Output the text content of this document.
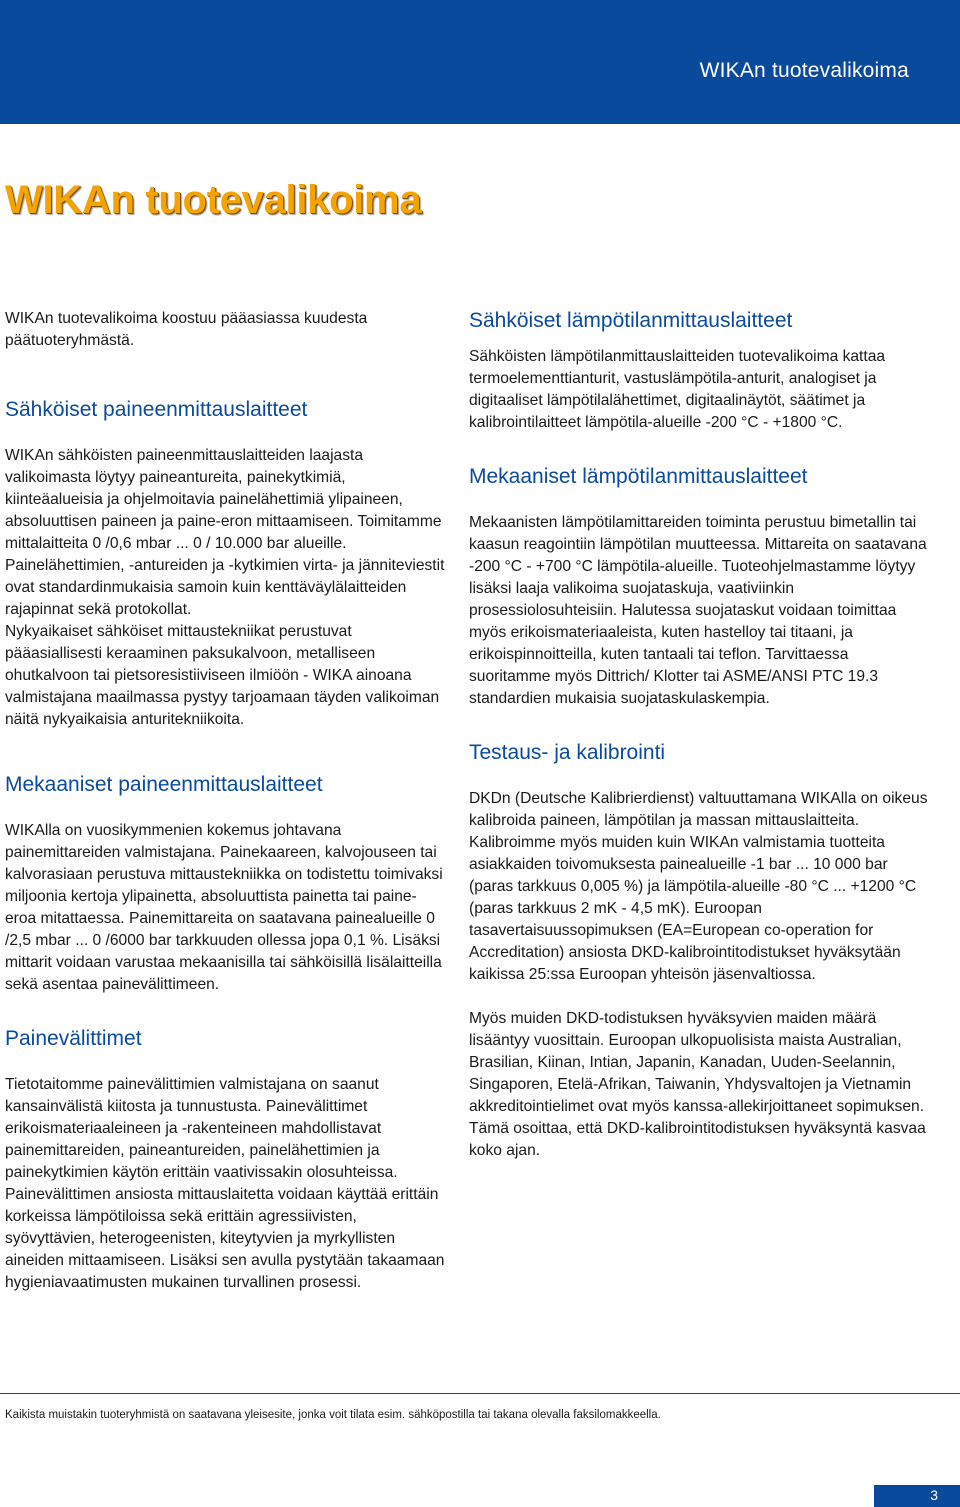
WIKAn tuotevalikoima
WIKAn tuotevalikoima

WIKAn tuotevalikoima koostuu pääasiassa kuudesta päätuoteryhmästä.

Sähköiset paineenmittauslaitteet

WIKAn sähköisten paineenmittauslaitteiden laajasta valikoimasta löytyy paineantureita, painekytkimiä, kiinteäalueisia ja ohjelmoitavia painelähettimiä ylipaineen, absoluuttisen paineen ja paine-eron mittaamiseen. Toimitamme mittalaitteita 0 /0,6 mbar ... 0 / 10.000 bar alueille. Painelähettimien, -antureiden ja -kytkimien virta- ja jänniteviestit ovat standardinmukaisia samoin kuin kenttäväylälaitteiden rajapinnat sekä protokollat.

Nykyaikaiset sähköiset mittaustekniikat perustuvat pääasiallisesti keraaminen paksukalvoon, metalliseen ohutkalvoon tai pietsoresistiiviseen ilmiöön - WIKA ainoana valmistajana maailmassa pystyy tarjoamaan täyden valikoiman näitä nykyaikaisia anturitekniikoita.

Mekaaniset paineenmittauslaitteet

WIKAlla on vuosikymmenien kokemus johtavana painemittareiden valmistajana. Painekaareen, kalvojouseen tai kalvorasiaan perustuva mittaustekniikka on todistettu toimivaksi miljoonia kertoja ylipainetta, absoluuttista painetta tai paine-eroa mitattaessa. Painemittareita on saatavana painealueille 0 /2,5 mbar ... 0 /6000 bar tarkkuuden ollessa jopa 0,1 %. Lisäksi mittarit voidaan varustaa mekaanisilla tai sähköisillä lisälaitteilla sekä asentaa painevälittimeen.

Painevälittimet

Tietotaitomme painevälittimien valmistajana on saanut kansainvälistä kiitosta ja tunnustusta. Painevälittimet erikoismateriaaleineen ja -rakenteineen mahdollistavat painemittareiden, paineantureiden, painelähettimien ja painekytkimien käytön erittäin vaativissakin olosuhteissa. Painevälittimen ansiosta mittauslaitetta voidaan käyttää erittäin korkeissa lämpötiloissa sekä erittäin agressiivisten, syövyttävien, heterogeenisten, kiteytyvien ja myrkyllisten aineiden mittaamiseen. Lisäksi sen avulla pystytään takaamaan hygieniavaatimusten mukainen turvallinen prosessi.

Sähköiset lämpötilanmittauslaitteet

Sähköisten lämpötilanmittauslaitteiden tuotevalikoima kattaa termoelementtianturit, vastuslämpötila-anturit, analogiset ja digitaaliset lämpötilalähettimet, digitaalinäytöt, säätimet ja kalibrointilaitteet lämpötila-alueille -200 °C - +1800 °C.

Mekaaniset lämpötilanmittauslaitteet

Mekaanisten lämpötilamittareiden toiminta perustuu bimetallin tai kaasun reagointiin lämpötilan muutteessa. Mittareita on saatavana -200 °C - +700 °C lämpötila-alueille. Tuoteohjelmastamme löytyy lisäksi laaja valikoima suojataskuja, vaativiinkin prosessiolosuhteisiin. Halutessa suojataskut voidaan toimittaa myös erikoismateriaaleista, kuten hastelloy tai titaani, ja erikoispinnoitteilla, kuten tantaali tai teflon. Tarvittaessa suoritamme myös Dittrich/ Klotter tai ASME/ANSI PTC 19.3 standardien mukaisia suojataskulaskempia.

Testaus- ja kalibrointi

DKDn (Deutsche Kalibrierdienst) valtuuttamana WIKAlla on oikeus kalibroida paineen, lämpötilan ja massan mittauslaitteita. Kalibroimme myös muiden kuin WIKAn valmistamia tuotteita asiakkaiden toivomuksesta painealueille -1 bar ... 10 000 bar (paras tarkkuus 0,005 %) ja lämpötila-alueille -80 °C ... +1200 °C (paras tarkkuus 2 mK - 4,5 mK). Euroopan tasavertaisuussopimuksen (EA=European co-operation for Accreditation) ansiosta DKD-kalibrointitodistukset hyväksytään kaikissa 25:ssa Euroopan yhteisön jäsenvaltiossa.

Myös muiden DKD-todistuksen hyväksyvien maiden määrä lisääntyy vuosittain. Euroopan ulkopuolisista maista Australian, Brasilian, Kiinan, Intian, Japanin, Kanadan, Uuden-Seelannin, Singaporen, Etelä-Afrikan, Taiwanin, Yhdysvaltojen ja Vietnamin akkreditointielimet ovat myös kanssa-allekirjoittaneet sopimuksen. Tämä osoittaa, että DKD-kalibrointitodistuksen hyväksyntä kasvaa koko ajan.

Kaikista muistakin tuoteryhmistä on saatavana yleisesite, jonka voit tilata esim. sähköpostilla tai takana olevalla faksilomakkeella.
3
